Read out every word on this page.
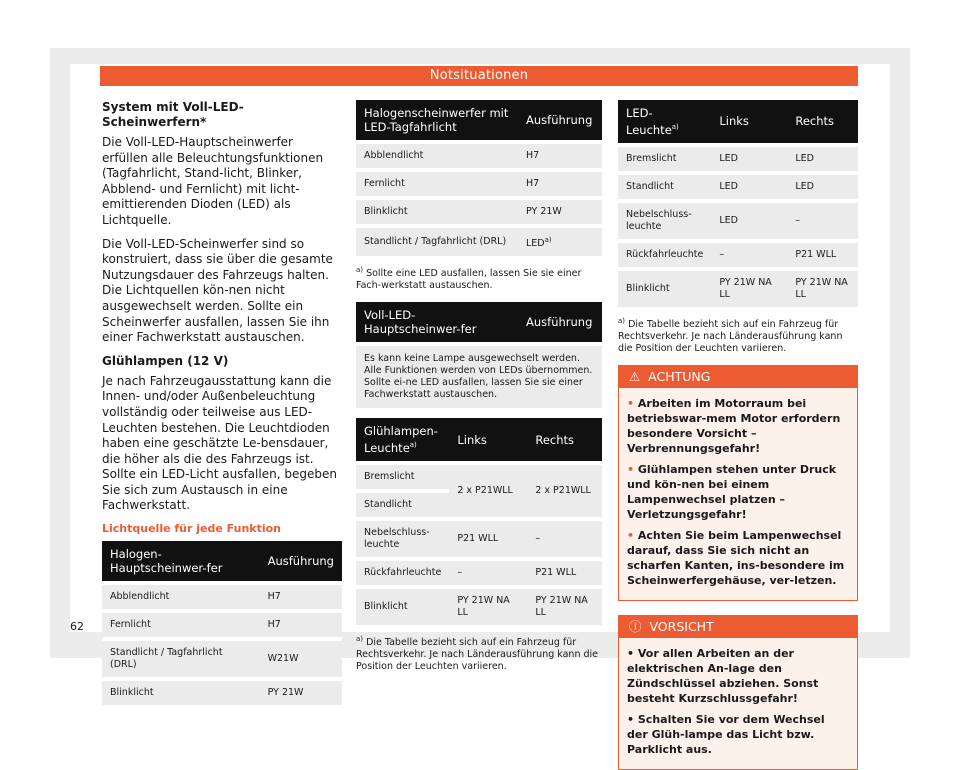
Notsituationen
System mit Voll-LED-Scheinwerfern*
Die Voll-LED-Hauptscheinwerfer erfüllen alle Beleuchtungsfunktionen (Tagfahrlicht, Stand-licht, Blinker, Abblend- und Fernlicht) mit licht-emittierenden Dioden (LED) als Lichtquelle.
Die Voll-LED-Scheinwerfer sind so konstruiert, dass sie über die gesamte Nutzungsdauer des Fahrzeugs halten. Die Lichtquellen kön-nen nicht ausgewechselt werden. Sollte ein Scheinwerfer ausfallen, lassen Sie ihn einer Fachwerkstatt austauschen.
Glühlampen (12 V)
Je nach Fahrzeugausstattung kann die Innen- und/oder Außenbeleuchtung vollständig oder teilweise aus LED-Leuchten bestehen. Die Leuchtdioden haben eine geschätzte Le-bensdauer, die höher als die des Fahrzeugs ist. Sollte ein LED-Licht ausfallen, begeben Sie sich zum Austausch in eine Fachwerkstatt.
Lichtquelle für jede Funktion
Halogen-Hauptscheinwer-fer	Ausführung
Abblendlicht	H7
Fernlicht	H7
Standlicht / Tagfahrlicht (DRL)	W21W
Blinklicht	PY 21W
Halogenscheinwerfer mit LED-Tagfahrlicht	Ausführung
Abblendlicht	H7
Fernlicht	H7
Blinklicht	PY 21W
Standlicht / Tagfahrlicht (DRL)	LED$^{a)}$
$^{a)}$ Sollte eine LED ausfallen, lassen Sie sie einer Fach-werkstatt austauschen.
Voll-LED-Hauptscheinwer-fer	Ausführung
Es kann keine Lampe ausgewechselt werden. Alle Funktionen werden von LEDs übernommen. Sollte ei-ne LED ausfallen, lassen Sie sie einer Fachwerkstatt austauschen.
Glühlampen-Leuchte$^{a)}$	Links	Rechts
Bremslicht	2 x P21WLL	2 x P21WLL
Standlicht		
Nebelschluss-leuchte	P21 WLL	–
Rückfahrleuchte	–	P21 WLL
Blinklicht	PY 21W NA LL	PY 21W NA LL
$^{a)}$ Die Tabelle bezieht sich auf ein Fahrzeug für Rechtsverkehr. Je nach Länderausführung kann die Position der Leuchten variieren.
LED-Leuchte$^{a)}$	Links	Rechts
Bremslicht	LED	LED
Standlicht	LED	LED
Nebelschluss-leuchte	LED	–
Rückfahrleuchte	–	P21 WLL
Blinklicht	PY 21W NA LL	PY 21W NA LL
$^{a)}$ Die Tabelle bezieht sich auf ein Fahrzeug für Rechtsverkehr. Je nach Länderausführung kann die Position der Leuchten variieren.
⚠ ACHTUNG
• Arbeiten im Motorraum bei betriebswar-mem Motor erfordern besondere Vorsicht – Verbrennungsgefahr!
• Glühlampen stehen unter Druck und kön-nen bei einem Lampenwechsel platzen – Verletzungsgefahr!
• Achten Sie beim Lampenwechsel darauf, dass Sie sich nicht an scharfen Kanten, ins-besondere im Scheinwerfergehäuse, ver-letzen.
ⓘ VORSICHT
• Vor allen Arbeiten an der elektrischen An-lage den Zündschlüssel abziehen. Sonst besteht Kurzschlussgefahr!
• Schalten Sie vor dem Wechsel der Glüh-lampe das Licht bzw. Parklicht aus.
62
